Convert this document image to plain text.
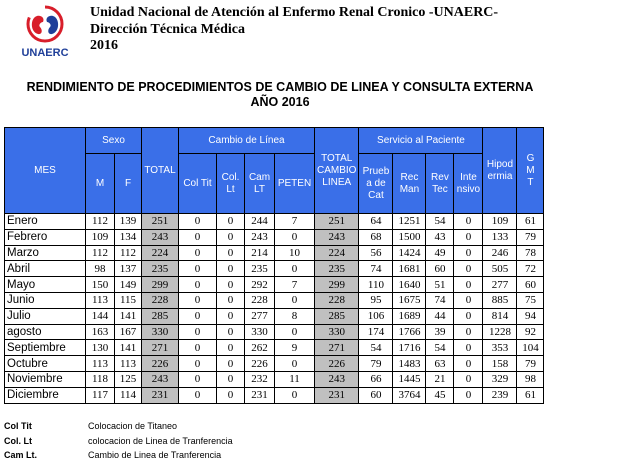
UNAERC
Unidad Nacional de Atención al Enfermo Renal Cronico -UNAERC-
Dirección Técnica Médica
2016
RENDIMIENTO DE PROCEDIMIENTOS DE CAMBIO DE LINEA Y CONSULTA EXTERNA
AÑO 2016
MES	Sexo		TOTAL	Cambio de Línea				TOTAL CAMBIO LINEA	Servicio al Paciente				Hipod ermia	G M T
	M	F		Col Tit	Col. Lt	Cam LT	PETEN		Prueb a de Cat	Rec Man	Rev Tec	Inte nsivo		
Enero	112	139	251	0	0	244	7	251	64	1251	54	0	109	61
Febrero	109	134	243	0	0	243	0	243	68	1500	43	0	133	79
Marzo	112	112	224	0	0	214	10	224	56	1424	49	0	246	78
Abril	98	137	235	0	0	235	0	235	74	1681	60	0	505	72
Mayo	150	149	299	0	0	292	7	299	110	1640	51	0	277	60
Junio	113	115	228	0	0	228	0	228	95	1675	74	0	885	75
Julio	144	141	285	0	0	277	8	285	106	1689	44	0	814	94
agosto	163	167	330	0	0	330	0	330	174	1766	39	0	1228	92
Septiembre	130	141	271	0	0	262	9	271	54	1716	54	0	353	104
Octubre	113	113	226	0	0	226	0	226	79	1483	63	0	158	79
Noviembre	118	125	243	0	0	232	11	243	66	1445	21	0	329	98
Diciembre	117	114	231	0	0	231	0	231	60	3764	45	0	239	61
Col Tit	Colocacion de Titaneo
Col. Lt	colocacion de Linea de Tranferencia
Cam Lt.	Cambio de Linea de Tranferencia
